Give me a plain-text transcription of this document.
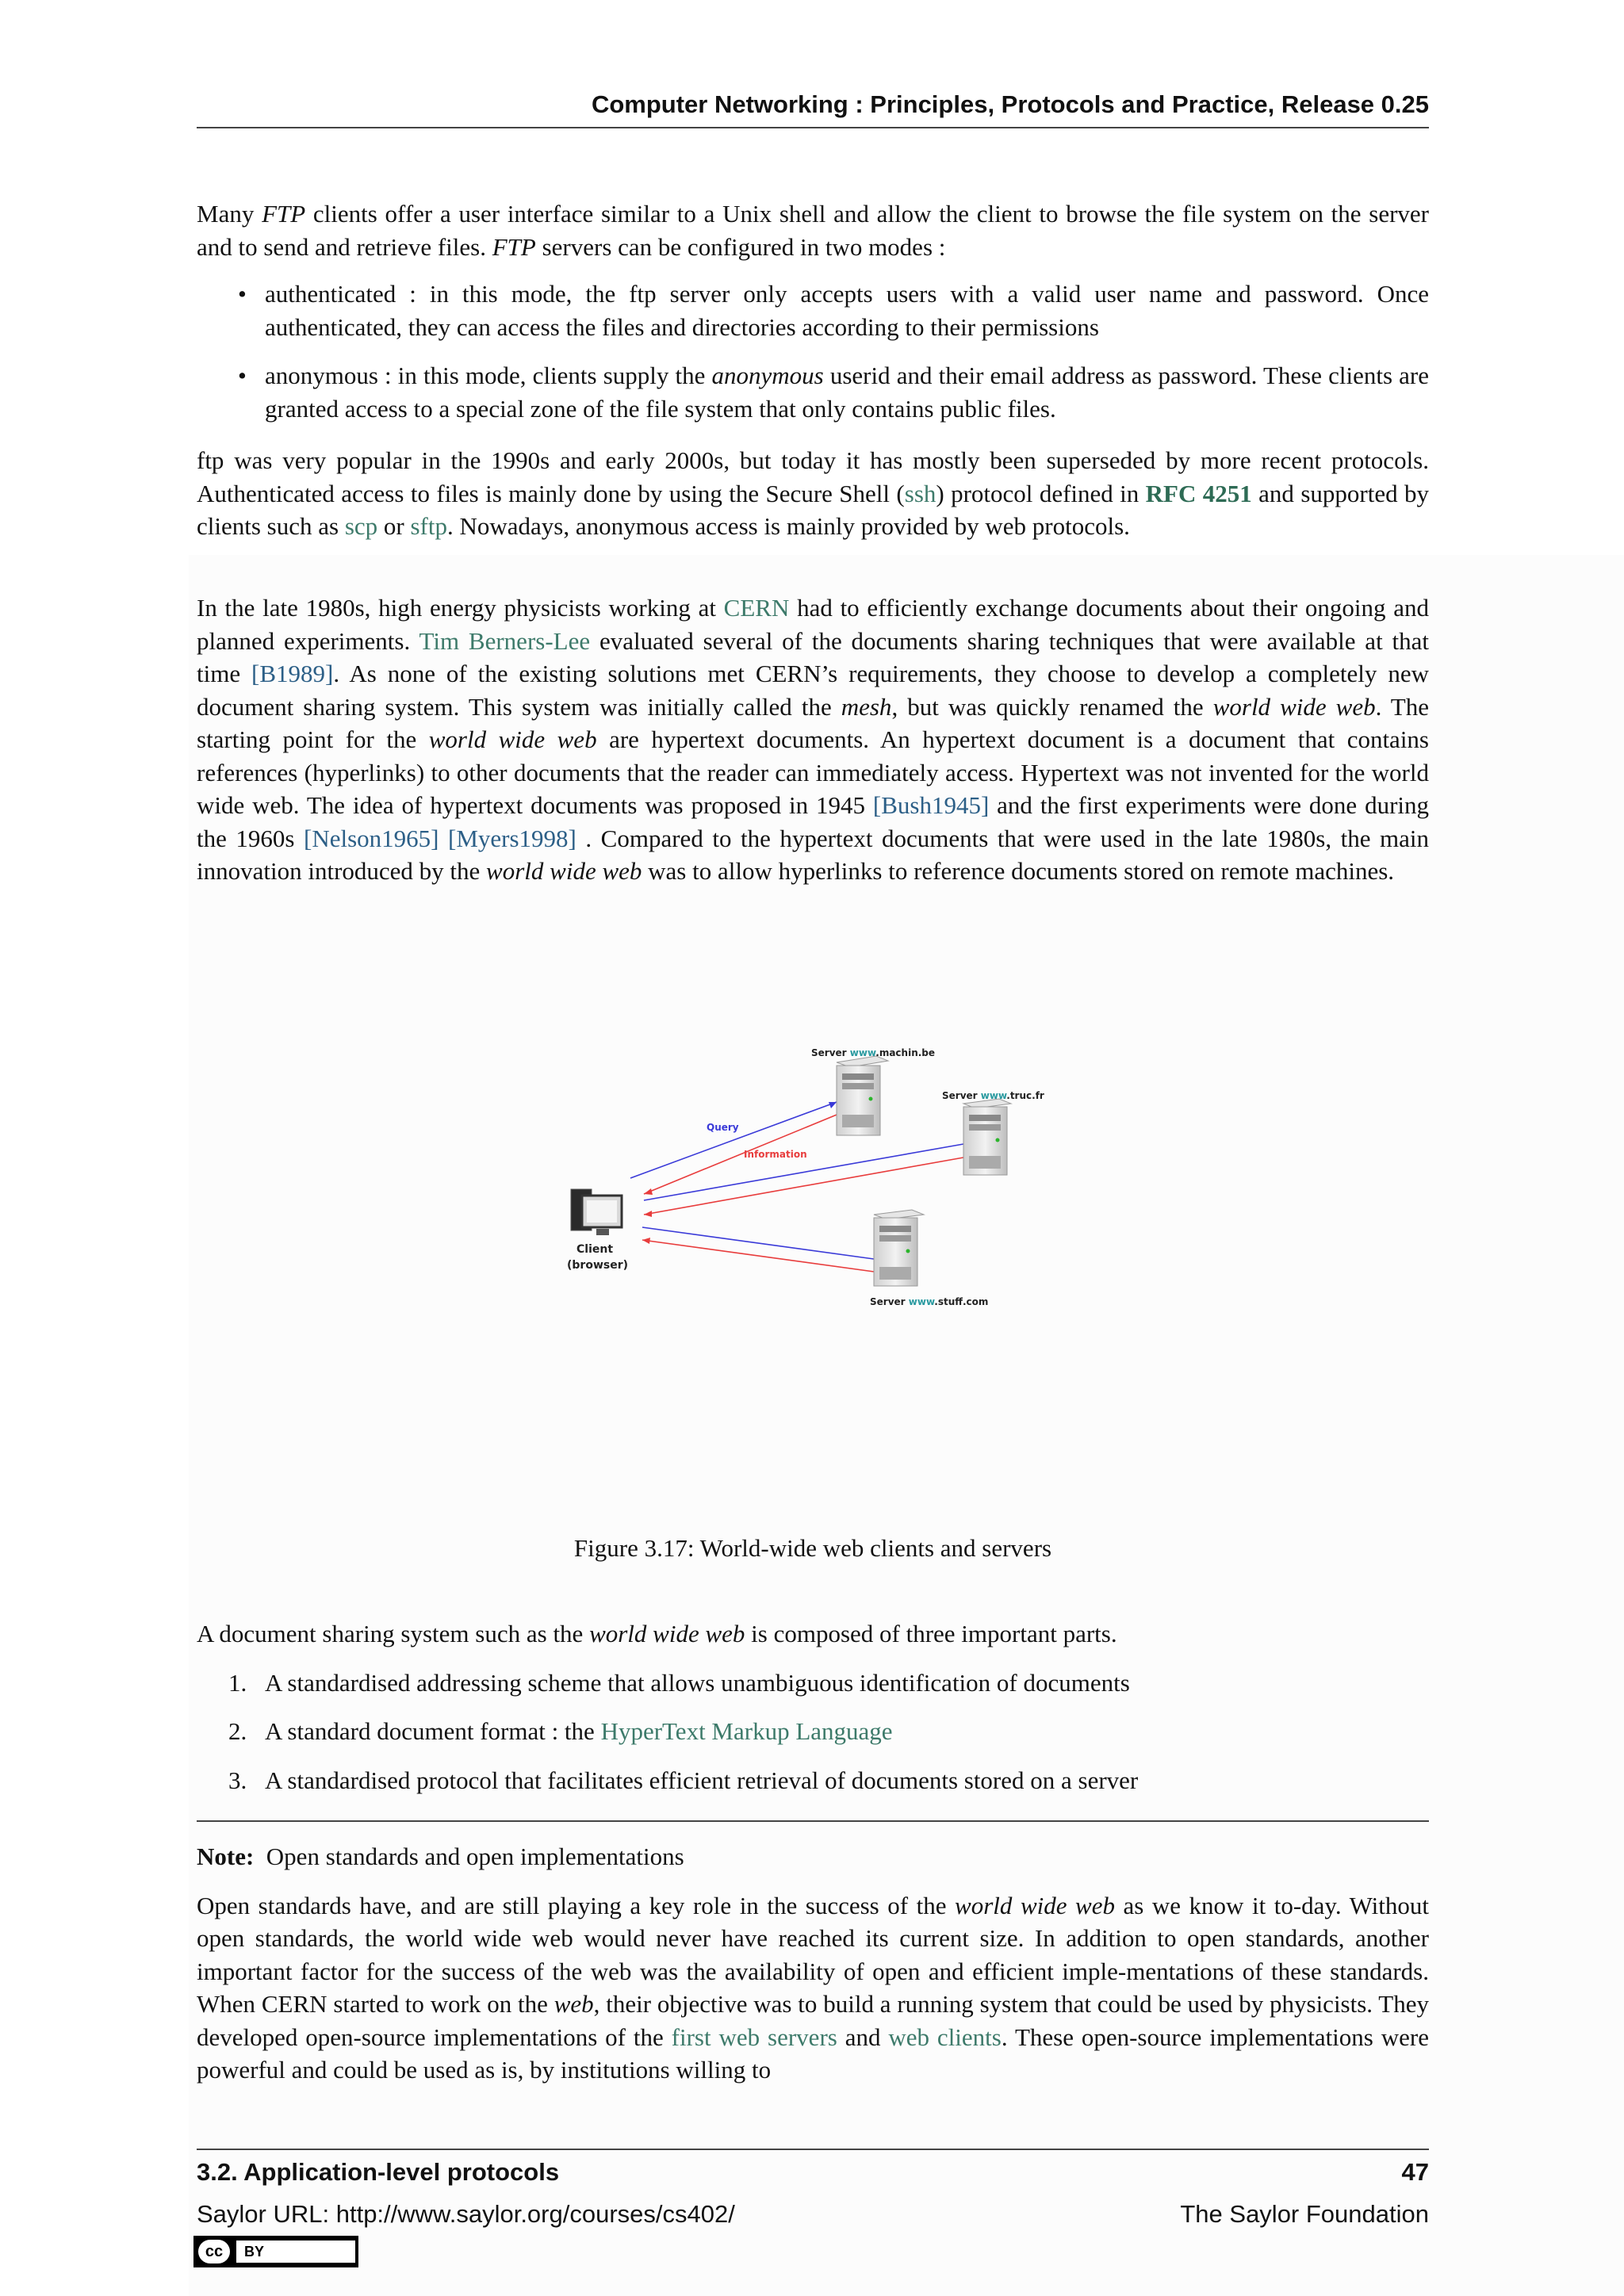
Computer Networking : Principles, Protocols and Practice, Release 0.25

Many FTP clients offer a user interface similar to a Unix shell and allow the client to browse the file system on the server and to send and retrieve files. FTP servers can be configured in two modes :

• authenticated : in this mode, the ftp server only accepts users with a valid user name and password. Once authenticated, they can access the files and directories according to their permissions
• anonymous : in this mode, clients supply the anonymous userid and their email address as password. These clients are granted access to a special zone of the file system that only contains public files.
ftp was very popular in the 1990s and early 2000s, but today it has mostly been superseded by more recent protocols. Authenticated access to files is mainly done by using the Secure Shell (ssh) protocol defined in RFC 4251 and supported by clients such as scp or sftp. Nowadays, anonymous access is mainly provided by web protocols.
In the late 1980s, high energy physicists working at CERN had to efficiently exchange documents about their ongoing and planned experiments. Tim Berners-Lee evaluated several of the documents sharing techniques that were available at that time [B1989]. As none of the existing solutions met CERN’s requirements, they choose to develop a completely new document sharing system. This system was initially called the mesh, but was quickly renamed the world wide web. The starting point for the world wide web are hypertext documents. An hypertext document is a document that contains references (hyperlinks) to other documents that the reader can immediately access. Hypertext was not invented for the world wide web. The idea of hypertext documents was proposed in 1945 [Bush1945] and the first experiments were done during the 1960s [Nelson1965] [Myers1998] . Compared to the hypertext documents that were used in the late 1980s, the main innovation introduced by the world wide web was to allow hyperlinks to reference documents stored on remote machines.
Server www.machin.be
Server www.truc.fr
Server www.stuff.com
Query
Information
Client
(browser)
Figure 3.17: World-wide web clients and servers

A document sharing system such as the world wide web is composed of three important parts.

1. A standardised addressing scheme that allows unambiguous identification of documents
2. A standard document format : the HyperText Markup Language
3. A standardised protocol that facilitates efficient retrieval of documents stored on a server

Note: Open standards and open implementations

Open standards have, and are still playing a key role in the success of the world wide web as we know it to-day. Without open standards, the world wide web would never have reached its current size. In addition to open standards, another important factor for the success of the web was the availability of open and efficient imple-mentations of these standards. When CERN started to work on the web, their objective was to build a running system that could be used by physicists. They developed open-source implementations of the first web servers and web clients. These open-source implementations were powerful and could be used as is, by institutions willing to

3.2. Application-level protocols	47
Saylor URL: http://www.saylor.org/courses/cs402/	The Saylor Foundation
cc	BY
